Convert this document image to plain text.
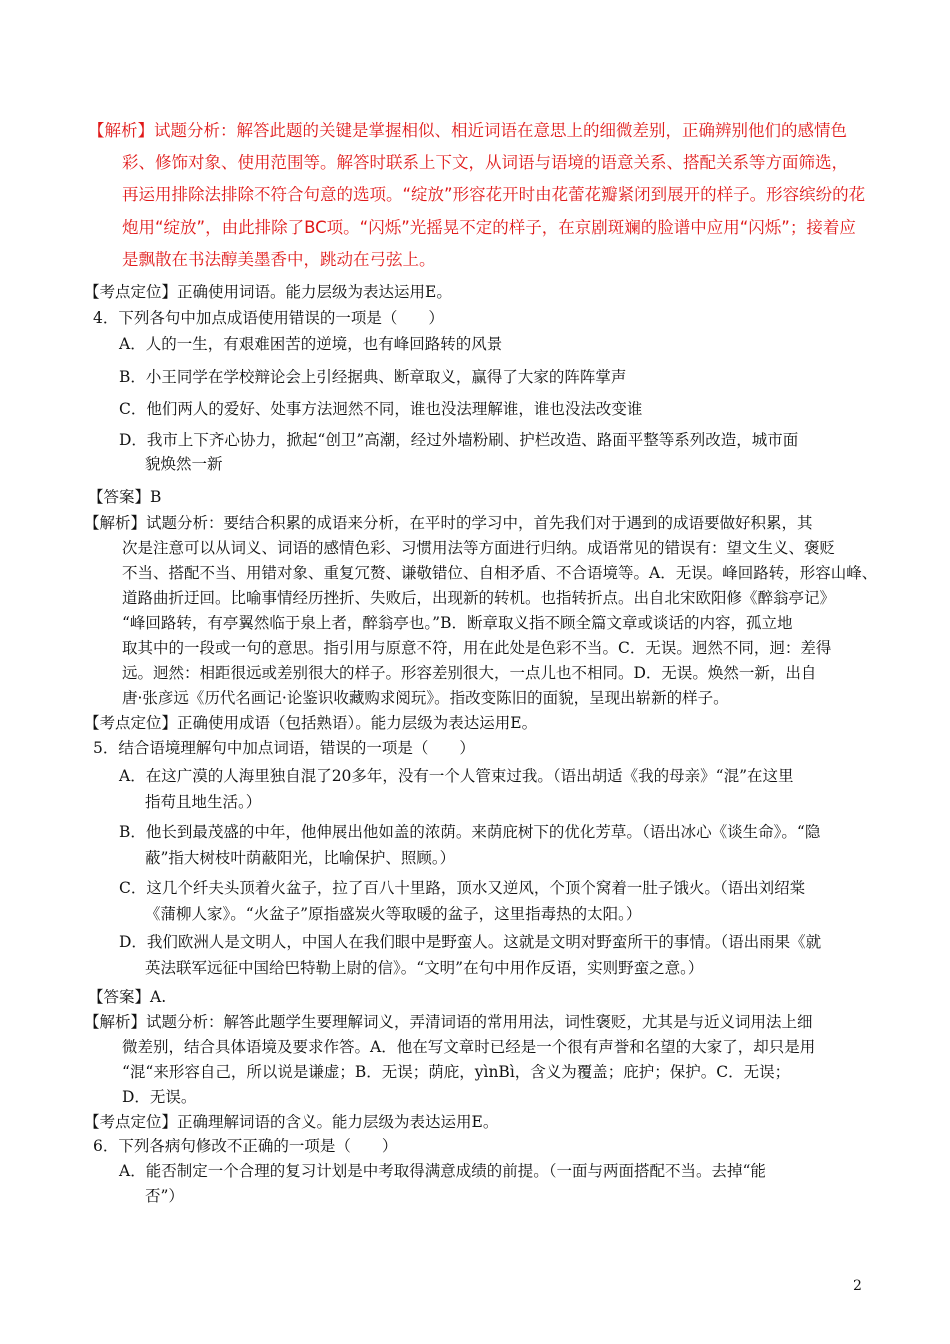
【解析】试题分析：解答此题的关键是掌握相似、相近词语在意思上的细微差别，正确辨别他们的感情色
彩、修饰对象、使用范围等。解答时联系上下文，从词语与语境的语意关系、搭配关系等方面筛选，
再运用排除法排除不符合句意的选项。“绽放”形容花开时由花蕾花瓣紧闭到展开的样子。形容缤纷的花
炮用“绽放”，由此排除了BC项。“闪烁”光摇晃不定的样子，在京剧斑斓的脸谱中应用“闪烁”；接着应
是飘散在书法醇美墨香中，跳动在弓弦上。
【考点定位】正确使用词语。能力层级为表达运用E。
4．下列各句中加点成语使用错误的一项是（　　）
A．人的一生，有艰难困苦的逆境，也有峰回路转的风景
B．小王同学在学校辩论会上引经据典、断章取义，赢得了大家的阵阵掌声
C．他们两人的爱好、处事方法迥然不同，谁也没法理解谁，谁也没法改变谁
D．我市上下齐心协力，掀起“创卫”高潮，经过外墙粉刷、护栏改造、路面平整等系列改造，城市面
貌焕然一新
【答案】B
【解析】试题分析：要结合积累的成语来分析，在平时的学习中，首先我们对于遇到的成语要做好积累，其
次是注意可以从词义、词语的感情色彩、习惯用法等方面进行归纳。成语常见的错误有：望文生义、褒贬
不当、搭配不当、用错对象、重复冗赘、谦敬错位、自相矛盾、不合语境等。A．无误。峰回路转，形容山峰、
道路曲折迂回。比喻事情经历挫折、失败后，出现新的转机。也指转折点。出自北宋欧阳修《醉翁亭记》
“峰回路转，有亭翼然临于泉上者，醉翁亭也。”B．断章取义指不顾全篇文章或谈话的内容，孤立地
取其中的一段或一句的意思。指引用与原意不符，用在此处是色彩不当。C．无误。迥然不同，迥：差得
远。迥然：相距很远或差别很大的样子。形容差别很大，一点儿也不相同。D．无误。焕然一新，出自
唐·张彦远《历代名画记·论鉴识收藏购求阅玩》。指改变陈旧的面貌，呈现出崭新的样子。
【考点定位】正确使用成语（包括熟语）。能力层级为表达运用E。
5．结合语境理解句中加点词语，错误的一项是（　　）
A．在这广漠的人海里独自混了20多年，没有一个人管束过我。（语出胡适《我的母亲》“混”在这里
指苟且地生活。）
B．他长到最茂盛的中年，他伸展出他如盖的浓荫。来荫庇树下的优化芳草。（语出冰心《谈生命》。“隐
蔽”指大树枝叶荫蔽阳光，比喻保护、照顾。）
C．这几个纤夫头顶着火盆子，拉了百八十里路，顶水又逆风，个顶个窝着一肚子饿火。（语出刘绍棠
《蒲柳人家》。“火盆子”原指盛炭火等取暖的盆子，这里指毒热的太阳。）
D．我们欧洲人是文明人，中国人在我们眼中是野蛮人。这就是文明对野蛮所干的事情。（语出雨果《就
英法联军远征中国给巴特勒上尉的信》。“文明”在句中用作反语，实则野蛮之意。）
【答案】A.
【解析】试题分析：解答此题学生要理解词义，弄清词语的常用用法，词性褒贬，尤其是与近义词用法上细
微差别，结合具体语境及要求作答。A．他在写文章时已经是一个很有声誉和名望的大家了，却只是用
“混“来形容自己，所以说是谦虚；B．无误；荫庇，yìnBì，含义为覆盖；庇护；保护。C．无误；
D．无误。
【考点定位】正确理解词语的含义。能力层级为表达运用E。
6．下列各病句修改不正确的一项是（　　）
A．能否制定一个合理的复习计划是中考取得满意成绩的前提。（一面与两面搭配不当。去掉“能
否”）
2
